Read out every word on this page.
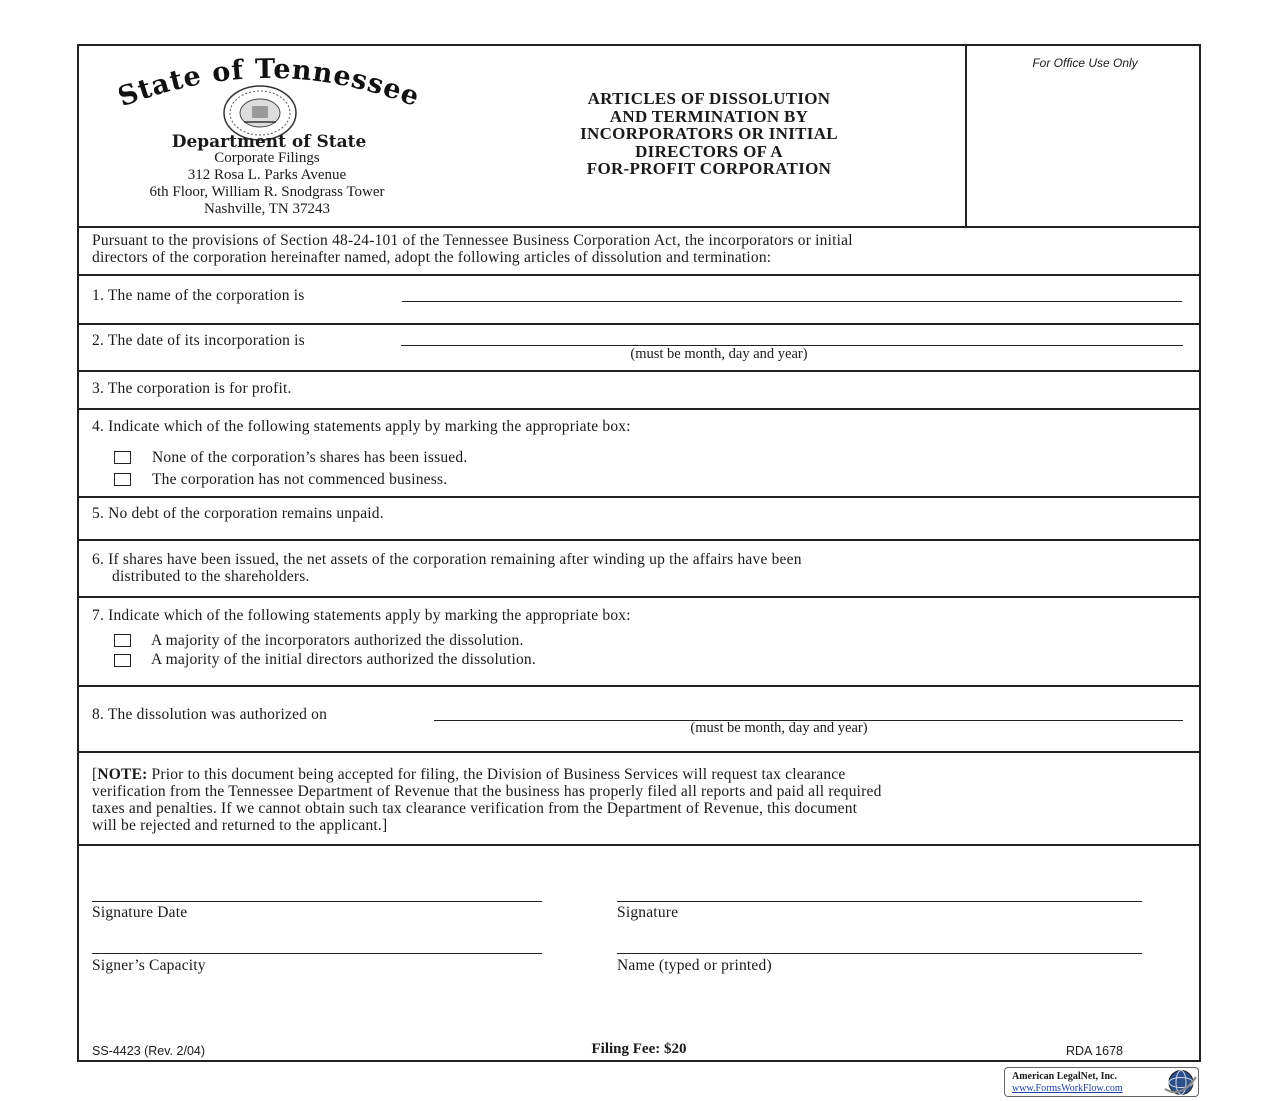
tate of Tennesse
Department of State
Corporate Filings
312 Rosa L. Parks Avenue
6th Floor, William R. Snodgrass Tower
Nashville, TN 37243
ARTICLES OF DISSOLUTION
AND TERMINATION BY
INCORPORATORS OR INITIAL
DIRECTORS OF A
FOR-PROFIT CORPORATION
For Office Use Only
Pursuant to the provisions of Section 48-24-101 of the Tennessee Business Corporation Act, the incorporators or initial
directors of the corporation hereinafter named, adopt the following articles of dissolution and termination:
1. The name of the corporation is
2. The date of its incorporation is
(must be month, day and year)
3. The corporation is for profit.
4. Indicate which of the following statements apply by marking the appropriate box:
None of the corporation’s shares has been issued.
The corporation has not commenced business.
5. No debt of the corporation remains unpaid.
6. If shares have been issued, the net assets of the corporation remaining after winding up the affairs have been
distributed to the shareholders.
7. Indicate which of the following statements apply by marking the appropriate box:
A majority of the incorporators authorized the dissolution.
A majority of the initial directors authorized the dissolution.
8. The dissolution was authorized on
(must be month, day and year)
[NOTE: Prior to this document being accepted for filing, the Division of Business Services will request tax clearance
verification from the Tennessee Department of Revenue that the business has properly filed all reports and paid all required
taxes and penalties. If we cannot obtain such tax clearance verification from the Department of Revenue, this document
will be rejected and returned to the applicant.]
Signature Date	Signature
Signer’s Capacity	Name (typed or printed)
SS-4423 (Rev. 2/04)	Filing Fee: $20	RDA 1678
American LegalNet, Inc.
www.FormsWorkFlow.com
